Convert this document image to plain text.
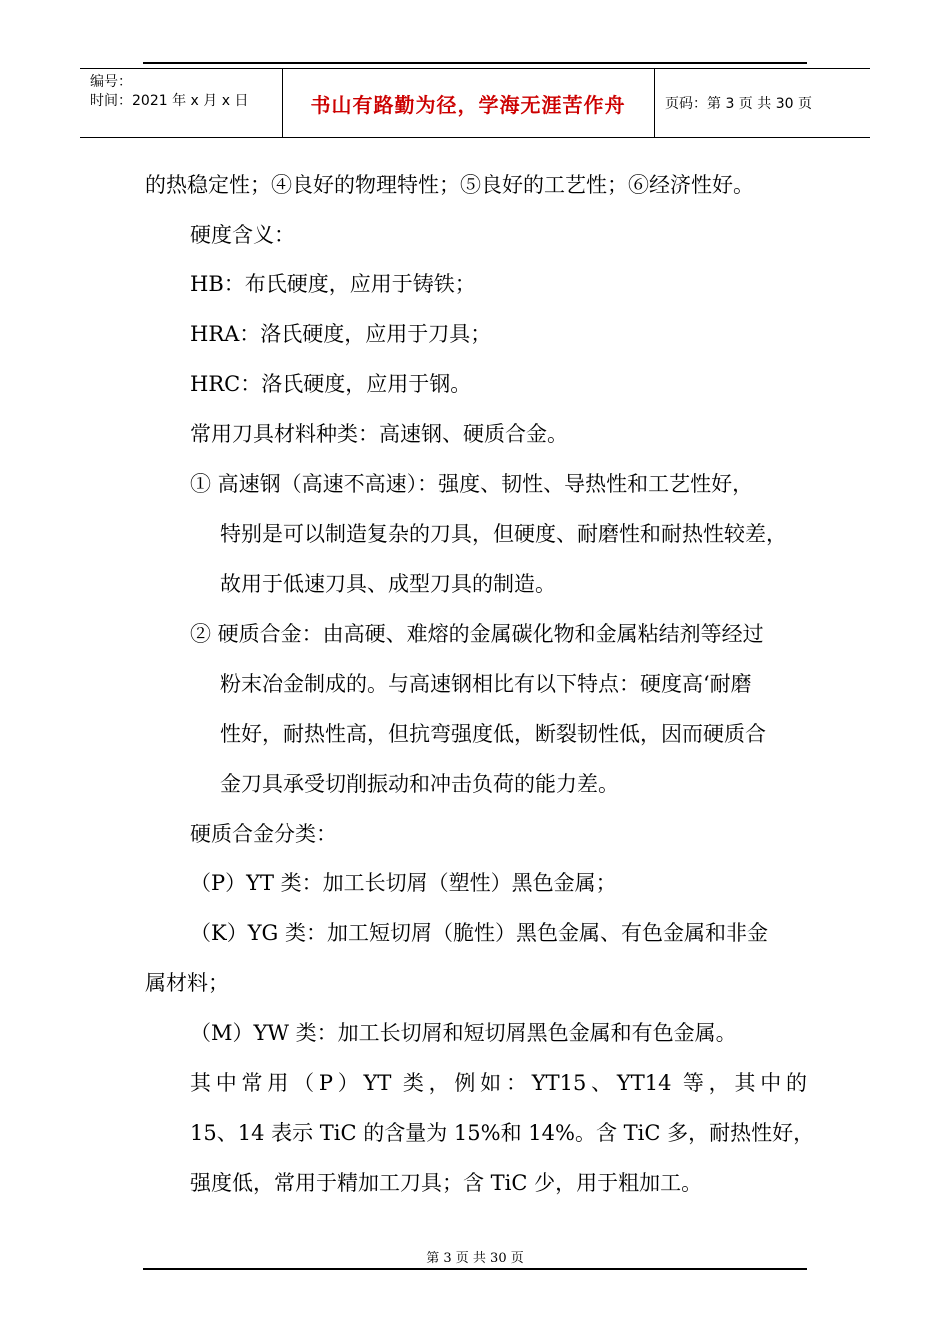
编号：
时间：2021 年 x 月 x 日	书山有路勤为径，学海无涯苦作舟	页码：第 3 页 共 30 页
的热稳定性；④良好的物理特性；⑤良好的工艺性；⑥经济性好。
硬度含义：
HB：布氏硬度，应用于铸铁；
HRA：洛氏硬度，应用于刀具；
HRC：洛氏硬度，应用于钢。
常用刀具材料种类：高速钢、硬质合金。
① 高速钢（高速不高速）：强度、韧性、导热性和工艺性好，
特别是可以制造复杂的刀具，但硬度、耐磨性和耐热性较差，
故用于低速刀具、成型刀具的制造。
② 硬质合金：由高硬、难熔的金属碳化物和金属粘结剂等经过
粉末冶金制成的。与高速钢相比有以下特点：硬度高‘耐磨
性好，耐热性高，但抗弯强度低，断裂韧性低，因而硬质合
金刀具承受切削振动和冲击负荷的能力差。
硬质合金分类：
（P）YT 类：加工长切屑（塑性）黑色金属；
（K）YG 类：加工短切屑（脆性）黑色金属、有色金属和非金
属材料；
（M）YW 类：加工长切屑和短切屑黑色金属和有色金属。
其中常用（P）YT 类，例如：YT15、YT14 等，其中的
15、14 表示 TiC 的含量为 15%和 14%。含 TiC 多，耐热性好，
强度低，常用于精加工刀具；含 TiC 少，用于粗加工。
第 3 页 共 30 页
